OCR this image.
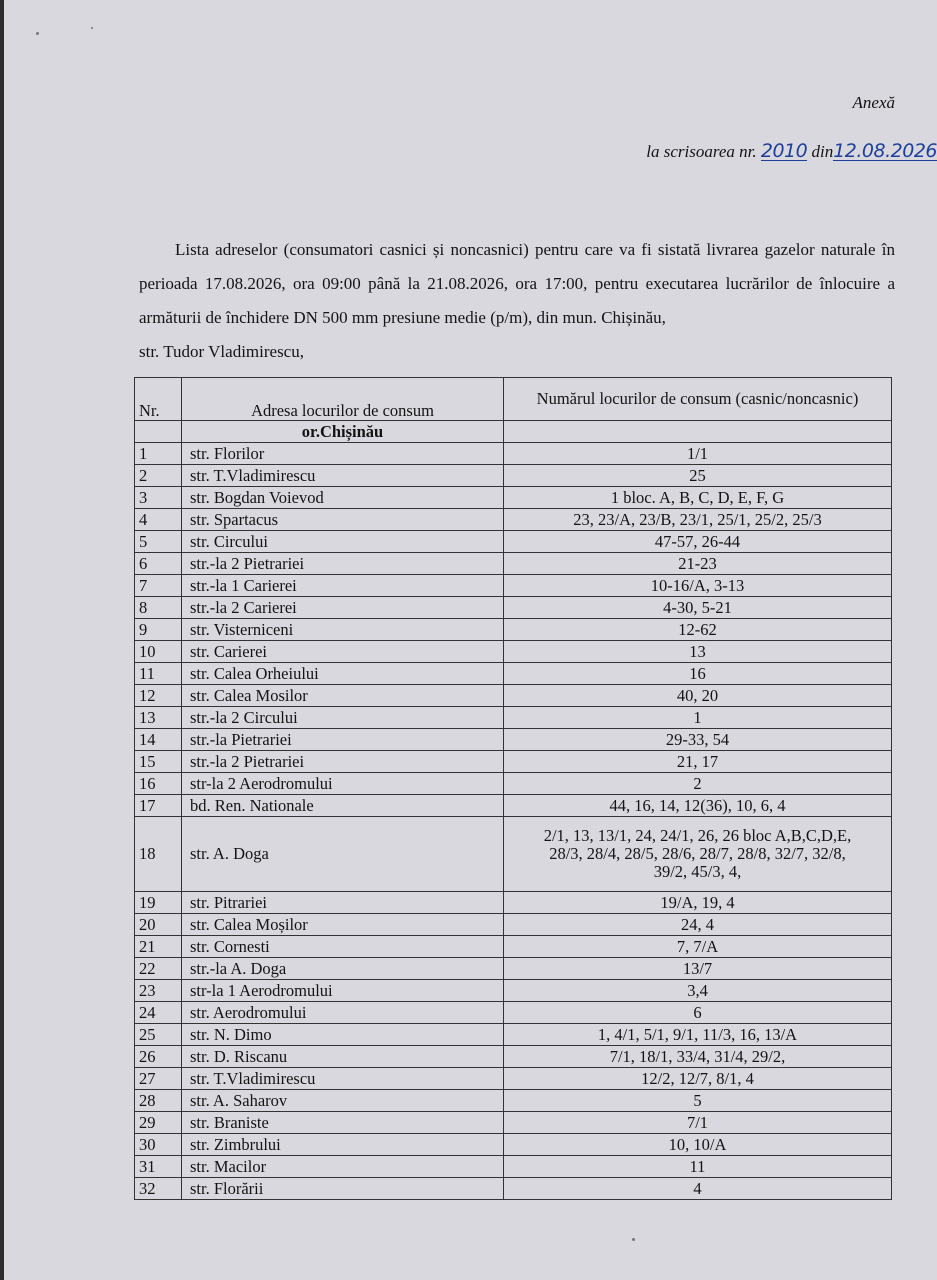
Anexă
la scrisoarea nr. 2010 din12.08.2026
Lista adreselor (consumatori casnici și noncasnici) pentru care va fi sistată livrarea gazelor naturale în perioada 17.08.2026, ora 09:00 până la 21.08.2026, ora 17:00, pentru executarea lucrărilor de înlocuire a armăturii de închidere DN 500 mm presiune medie (p/m), din mun. Chișinău,
str. Tudor Vladimirescu,
Nr.	Adresa locurilor de consum	Numărul locurilor de consum (casnic/noncasnic)
	or.Chișinău	
1	str. Florilor	1/1
2	str. T.Vladimirescu	25
3	str. Bogdan Voievod	1 bloc. A, B, C, D, E, F, G
4	str. Spartacus	23, 23/A, 23/B, 23/1, 25/1, 25/2, 25/3
5	str. Circului	47-57, 26-44
6	str.-la 2 Pietrariei	21-23
7	str.-la 1 Carierei	10-16/A, 3-13
8	str.-la 2 Carierei	4-30, 5-21
9	str. Visterniceni	12-62
10	str. Carierei	13
11	str. Calea Orheiului	16
12	str. Calea Mosilor	40, 20
13	str.-la 2 Circului	1
14	str.-la Pietrariei	29-33, 54
15	str.-la 2 Pietrariei	21, 17
16	str-la 2 Aerodromului	2
17	bd. Ren. Nationale	44, 16, 14, 12(36), 10, 6, 4
18	str. A. Doga	2/1, 13, 13/1, 24, 24/1, 26, 26 bloc A,B,C,D,E,
28/3, 28/4, 28/5, 28/6, 28/7, 28/8, 32/7, 32/8,
39/2, 45/3, 4,

19	str. Pitrariei	19/A, 19, 4
20	str. Calea Moșilor	24, 4
21	str. Cornesti	7, 7/A
22	str.-la A. Doga	13/7
23	str-la 1 Aerodromului	3,4
24	str. Aerodromului	6
25	str. N. Dimo	1, 4/1, 5/1, 9/1, 11/3, 16, 13/A
26	str. D. Riscanu	7/1, 18/1, 33/4, 31/4, 29/2,
27	str. T.Vladimirescu	12/2, 12/7, 8/1, 4
28	str. A. Saharov	5
29	str. Braniste	7/1
30	str. Zimbrului	10, 10/A
31	str. Macilor	11
32	str. Florării	4
